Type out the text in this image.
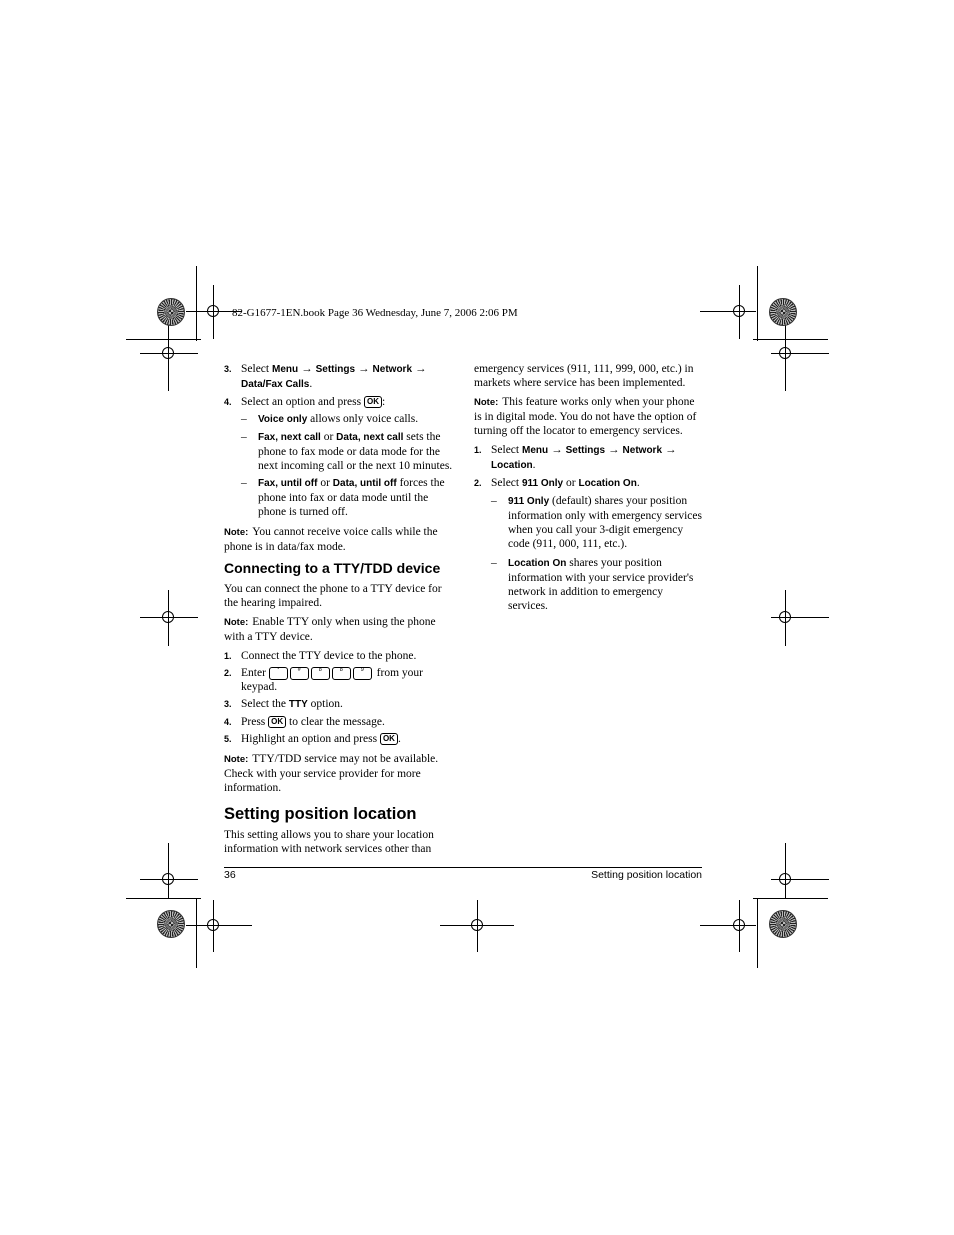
82-G1677-1EN.book Page 36 Wednesday, June 7, 2006 2:06 PM
3. Select Menu → Settings → Network →
Data/Fax Calls.
4. Select an option and press OK :
– Voice only allows only voice calls.
– Fax, next call or Data, next call sets the phone to fax mode or data mode for the next incoming call or the next 10 minutes.
– Fax, until off or Data, until off forces the phone into fax or data mode until the phone is turned off.

Note: You cannot receive voice calls while the phone is in data/fax mode.

Connecting to a TTY/TDD device

You can connect the phone to a TTY device for the hearing impaired.

Note: Enable TTY only when using the phone with a TTY device.

1. Connect the TTY device to the phone.
2. Enter *	#	8	8	9 from your keypad.
3. Select the TTY option.
4. Press OK to clear the message.
5. Highlight an option and press OK .

Note: TTY/TDD service may not be available. Check with your service provider for more information.

Setting position location

This setting allows you to share your location information with network services other than

emergency services (911, 111, 999, 000, etc.) in markets where service has been implemented.

Note: This feature works only when your phone is in digital mode. You do not have the option of turning off the locator to emergency services.

1. Select Menu → Settings → Network →
Location.
2. Select 911 Only or Location On.
– 911 Only (default) shares your position information only with emergency services when you call your 3-digit emergency code (911, 000, 111, etc.).
– Location On shares your position information with your service provider's network in addition to emergency services.
36	Setting position location
